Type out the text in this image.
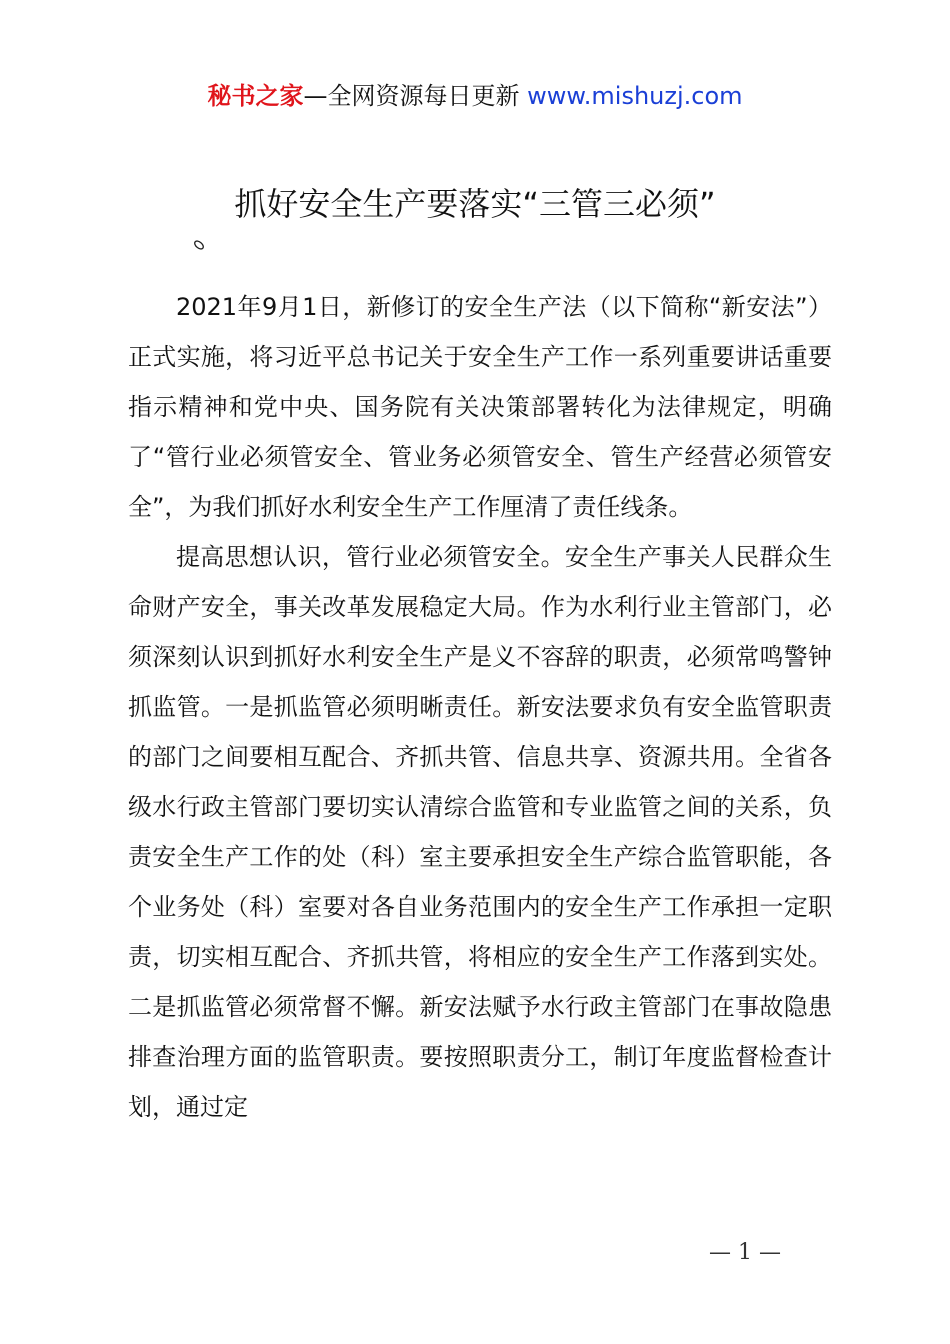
秘书之家—全网资源每日更新 www.mishuzj.com
抓好安全生产要落实“三管三必须”

2021年9月1日，新修订的安全生产法（以下简称“新安法”）正式实施，将习近平总书记关于安全生产工作一系列重要讲话重要指示精神和党中央、国务院有关决策部署转化为法律规定，明确了“管行业必须管安全、管业务必须管安全、管生产经营必须管安全”，为我们抓好水利安全生产工作厘清了责任线条。

提高思想认识，管行业必须管安全。安全生产事关人民群众生命财产安全，事关改革发展稳定大局。作为水利行业主管部门，必须深刻认识到抓好水利安全生产是义不容辞的职责，必须常鸣警钟抓监管。一是抓监管必须明晰责任。新安法要求负有安全监管职责的部门之间要相互配合、齐抓共管、信息共享、资源共用。全省各级水行政主管部门要切实认清综合监管和专业监管之间的关系，负责安全生产工作的处（科）室主要承担安全生产综合监管职能，各个业务处（科）室要对各自业务范围内的安全生产工作承担一定职责，切实相互配合、齐抓共管，将相应的安全生产工作落到实处。二是抓监管必须常督不懈。新安法赋予水行政主管部门在事故隐患排查治理方面的监管职责。要按照职责分工，制订年度监督检查计划，通过定

— 1 —
